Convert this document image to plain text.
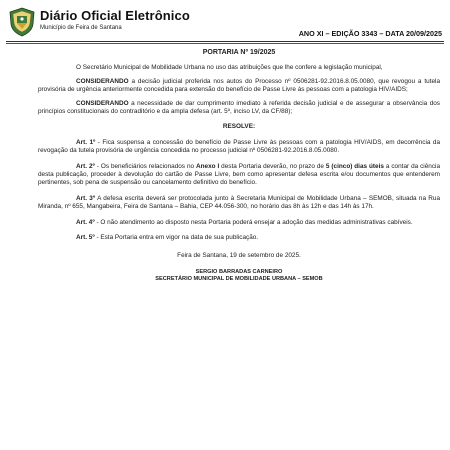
Diário Oficial Eletrônico
Município de Feira de Santana
ANO XI – EDIÇÃO 3343 – DATA 20/09/2025

PORTARIA Nº 19/2025

O Secretário Municipal de Mobilidade Urbana no uso das atribuições que lhe confere a legislação municipal,

CONSIDERANDO a decisão judicial proferida nos autos do Processo nº 0506281-92.2016.8.05.0080, que revogou a tutela provisória de urgência anteriormente concedida para extensão do benefício de Passe Livre às pessoas com a patologia HIV/AIDS;

CONSIDERANDO a necessidade de dar cumprimento imediato à referida decisão judicial e de assegurar a observância dos princípios constitucionais do contraditório e da ampla defesa (art. 5º, inciso LV, da CF/88);

RESOLVE:

Art. 1º - Fica suspensa a concessão do benefício de Passe Livre às pessoas com a patologia HIV/AIDS, em decorrência da revogação da tutela provisória de urgência concedida no processo judicial nº 0506281-92.2016.8.05.0080.

Art. 2º - Os beneficiários relacionados no Anexo I desta Portaria deverão, no prazo de 5 (cinco) dias úteis a contar da ciência desta publicação, proceder à devolução do cartão de Passe Livre, bem como apresentar defesa escrita e/ou documentos que entenderem pertinentes, sob pena de suspensão ou cancelamento definitivo do benefício.

Art. 3º A defesa escrita deverá ser protocolada junto à Secretaria Municipal de Mobilidade Urbana – SEMOB, situada na Rua Miranda, nº 655, Mangabeira, Feira de Santana – Bahia, CEP 44.056-300, no horário das 8h às 12h e das 14h às 17h.

Art. 4º - O não atendimento ao disposto nesta Portaria poderá ensejar a adoção das medidas administrativas cabíveis.

Art. 5º - Esta Portaria entra em vigor na data de sua publicação.

Feira de Santana, 19 de setembro de 2025.

SERGIO BARRADAS CARNEIRO
SECRETÁRIO MUNICIPAL DE MOBILIDADE URBANA – SEMOB
